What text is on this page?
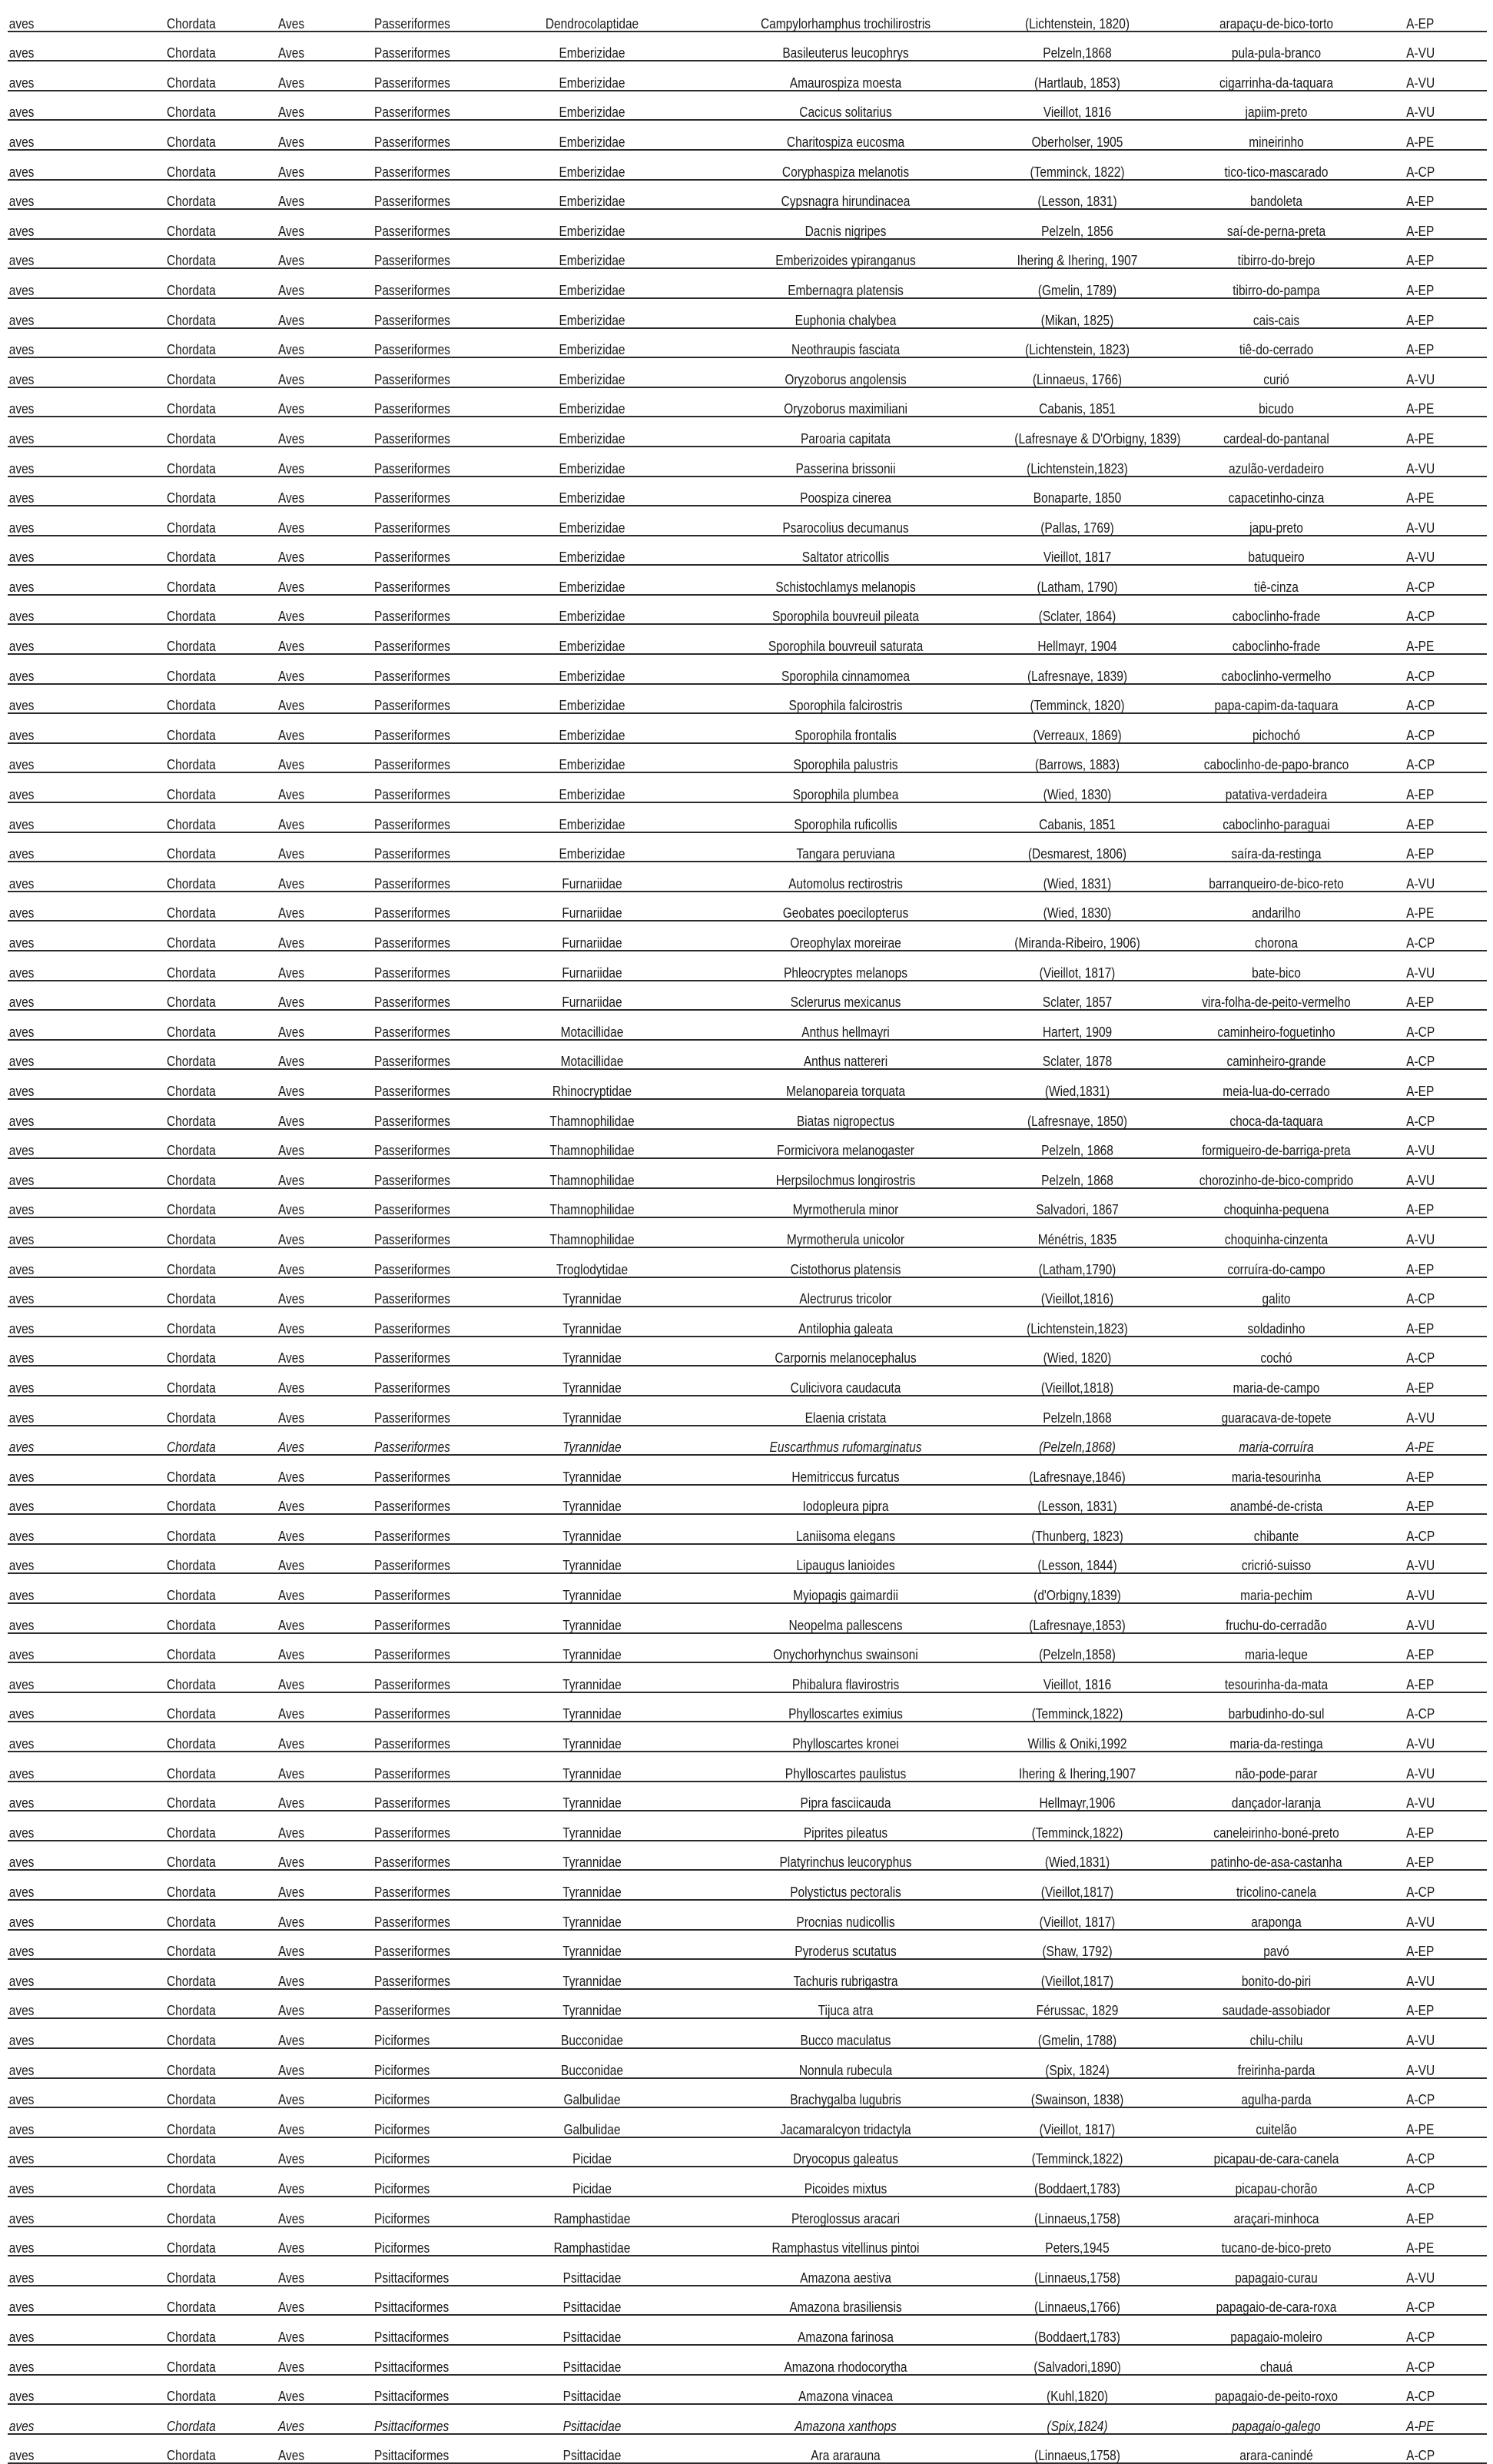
aves	Chordata	Aves	Passeriformes	Dendrocolaptidae	Campylorhamphus trochilirostris	(Lichtenstein, 1820)	arapaçu-de-bico-torto	A-EP
aves	Chordata	Aves	Passeriformes	Emberizidae	Basileuterus leucophrys	Pelzeln,1868	pula-pula-branco	A-VU
aves	Chordata	Aves	Passeriformes	Emberizidae	Amaurospiza moesta	(Hartlaub, 1853)	cigarrinha-da-taquara	A-VU
aves	Chordata	Aves	Passeriformes	Emberizidae	Cacicus solitarius	Vieillot, 1816	japiim-preto	A-VU
aves	Chordata	Aves	Passeriformes	Emberizidae	Charitospiza eucosma	Oberholser, 1905	mineirinho	A-PE
aves	Chordata	Aves	Passeriformes	Emberizidae	Coryphaspiza melanotis	(Temminck, 1822)	tico-tico-mascarado	A-CP
aves	Chordata	Aves	Passeriformes	Emberizidae	Cypsnagra hirundinacea	(Lesson, 1831)	bandoleta	A-EP
aves	Chordata	Aves	Passeriformes	Emberizidae	Dacnis nigripes	Pelzeln, 1856	saí-de-perna-preta	A-EP
aves	Chordata	Aves	Passeriformes	Emberizidae	Emberizoides ypiranganus	Ihering & Ihering, 1907	tibirro-do-brejo	A-EP
aves	Chordata	Aves	Passeriformes	Emberizidae	Embernagra platensis	(Gmelin, 1789)	tibirro-do-pampa	A-EP
aves	Chordata	Aves	Passeriformes	Emberizidae	Euphonia chalybea	(Mikan, 1825)	cais-cais	A-EP
aves	Chordata	Aves	Passeriformes	Emberizidae	Neothraupis fasciata	(Lichtenstein, 1823)	tiê-do-cerrado	A-EP
aves	Chordata	Aves	Passeriformes	Emberizidae	Oryzoborus angolensis	(Linnaeus, 1766)	curió	A-VU
aves	Chordata	Aves	Passeriformes	Emberizidae	Oryzoborus maximiliani	Cabanis, 1851	bicudo	A-PE
aves	Chordata	Aves	Passeriformes	Emberizidae	Paroaria capitata	(Lafresnaye & D'Orbigny, 1839)	cardeal-do-pantanal	A-PE
aves	Chordata	Aves	Passeriformes	Emberizidae	Passerina brissonii	(Lichtenstein,1823)	azulão-verdadeiro	A-VU
aves	Chordata	Aves	Passeriformes	Emberizidae	Poospiza cinerea	Bonaparte, 1850	capacetinho-cinza	A-PE
aves	Chordata	Aves	Passeriformes	Emberizidae	Psarocolius decumanus	(Pallas, 1769)	japu-preto	A-VU
aves	Chordata	Aves	Passeriformes	Emberizidae	Saltator atricollis	Vieillot, 1817	batuqueiro	A-VU
aves	Chordata	Aves	Passeriformes	Emberizidae	Schistochlamys melanopis	(Latham, 1790)	tiê-cinza	A-CP
aves	Chordata	Aves	Passeriformes	Emberizidae	Sporophila bouvreuil pileata	(Sclater, 1864)	caboclinho-frade	A-CP
aves	Chordata	Aves	Passeriformes	Emberizidae	Sporophila bouvreuil saturata	Hellmayr, 1904	caboclinho-frade	A-PE
aves	Chordata	Aves	Passeriformes	Emberizidae	Sporophila cinnamomea	(Lafresnaye, 1839)	caboclinho-vermelho	A-CP
aves	Chordata	Aves	Passeriformes	Emberizidae	Sporophila falcirostris	(Temminck, 1820)	papa-capim-da-taquara	A-CP
aves	Chordata	Aves	Passeriformes	Emberizidae	Sporophila frontalis	(Verreaux, 1869)	pichochó	A-CP
aves	Chordata	Aves	Passeriformes	Emberizidae	Sporophila palustris	(Barrows, 1883)	caboclinho-de-papo-branco	A-CP
aves	Chordata	Aves	Passeriformes	Emberizidae	Sporophila plumbea	(Wied, 1830)	patativa-verdadeira	A-EP
aves	Chordata	Aves	Passeriformes	Emberizidae	Sporophila ruficollis	Cabanis, 1851	caboclinho-paraguai	A-EP
aves	Chordata	Aves	Passeriformes	Emberizidae	Tangara peruviana	(Desmarest, 1806)	saíra-da-restinga	A-EP
aves	Chordata	Aves	Passeriformes	Furnariidae	Automolus rectirostris	(Wied, 1831)	barranqueiro-de-bico-reto	A-VU
aves	Chordata	Aves	Passeriformes	Furnariidae	Geobates poecilopterus	(Wied, 1830)	andarilho	A-PE
aves	Chordata	Aves	Passeriformes	Furnariidae	Oreophylax moreirae	(Miranda-Ribeiro, 1906)	chorona	A-CP
aves	Chordata	Aves	Passeriformes	Furnariidae	Phleocryptes melanops	(Vieillot, 1817)	bate-bico	A-VU
aves	Chordata	Aves	Passeriformes	Furnariidae	Sclerurus mexicanus	Sclater, 1857	vira-folha-de-peito-vermelho	A-EP
aves	Chordata	Aves	Passeriformes	Motacillidae	Anthus hellmayri	Hartert, 1909	caminheiro-foguetinho	A-CP
aves	Chordata	Aves	Passeriformes	Motacillidae	Anthus nattereri	Sclater, 1878	caminheiro-grande	A-CP
aves	Chordata	Aves	Passeriformes	Rhinocryptidae	Melanopareia torquata	(Wied,1831)	meia-lua-do-cerrado	A-EP
aves	Chordata	Aves	Passeriformes	Thamnophilidae	Biatas nigropectus	(Lafresnaye, 1850)	choca-da-taquara	A-CP
aves	Chordata	Aves	Passeriformes	Thamnophilidae	Formicivora melanogaster	Pelzeln, 1868	formigueiro-de-barriga-preta	A-VU
aves	Chordata	Aves	Passeriformes	Thamnophilidae	Herpsilochmus longirostris	Pelzeln, 1868	chorozinho-de-bico-comprido	A-VU
aves	Chordata	Aves	Passeriformes	Thamnophilidae	Myrmotherula minor	Salvadori, 1867	choquinha-pequena	A-EP
aves	Chordata	Aves	Passeriformes	Thamnophilidae	Myrmotherula unicolor	Ménétris, 1835	choquinha-cinzenta	A-VU
aves	Chordata	Aves	Passeriformes	Troglodytidae	Cistothorus platensis	(Latham,1790)	corruíra-do-campo	A-EP
aves	Chordata	Aves	Passeriformes	Tyrannidae	Alectrurus tricolor	(Vieillot,1816)	galito	A-CP
aves	Chordata	Aves	Passeriformes	Tyrannidae	Antilophia galeata	(Lichtenstein,1823)	soldadinho	A-EP
aves	Chordata	Aves	Passeriformes	Tyrannidae	Carpornis melanocephalus	(Wied, 1820)	cochó	A-CP
aves	Chordata	Aves	Passeriformes	Tyrannidae	Culicivora caudacuta	(Vieillot,1818)	maria-de-campo	A-EP
aves	Chordata	Aves	Passeriformes	Tyrannidae	Elaenia cristata	Pelzeln,1868	guaracava-de-topete	A-VU
aves	Chordata	Aves	Passeriformes	Tyrannidae	Euscarthmus rufomarginatus	(Pelzeln,1868)	maria-corruíra	A-PE
aves	Chordata	Aves	Passeriformes	Tyrannidae	Hemitriccus furcatus	(Lafresnaye,1846)	maria-tesourinha	A-EP
aves	Chordata	Aves	Passeriformes	Tyrannidae	Iodopleura pipra	(Lesson, 1831)	anambé-de-crista	A-EP
aves	Chordata	Aves	Passeriformes	Tyrannidae	Laniisoma elegans	(Thunberg, 1823)	chibante	A-CP
aves	Chordata	Aves	Passeriformes	Tyrannidae	Lipaugus lanioides	(Lesson, 1844)	cricrió-suisso	A-VU
aves	Chordata	Aves	Passeriformes	Tyrannidae	Myiopagis gaimardii	(d'Orbigny,1839)	maria-pechim	A-VU
aves	Chordata	Aves	Passeriformes	Tyrannidae	Neopelma pallescens	(Lafresnaye,1853)	fruchu-do-cerradão	A-VU
aves	Chordata	Aves	Passeriformes	Tyrannidae	Onychorhynchus swainsoni	(Pelzeln,1858)	maria-leque	A-EP
aves	Chordata	Aves	Passeriformes	Tyrannidae	Phibalura flavirostris	Vieillot, 1816	tesourinha-da-mata	A-EP
aves	Chordata	Aves	Passeriformes	Tyrannidae	Phylloscartes eximius	(Temminck,1822)	barbudinho-do-sul	A-CP
aves	Chordata	Aves	Passeriformes	Tyrannidae	Phylloscartes kronei	Willis & Oniki,1992	maria-da-restinga	A-VU
aves	Chordata	Aves	Passeriformes	Tyrannidae	Phylloscartes paulistus	Ihering & Ihering,1907	não-pode-parar	A-VU
aves	Chordata	Aves	Passeriformes	Tyrannidae	Pipra fasciicauda	Hellmayr,1906	dançador-laranja	A-VU
aves	Chordata	Aves	Passeriformes	Tyrannidae	Piprites pileatus	(Temminck,1822)	caneleirinho-boné-preto	A-EP
aves	Chordata	Aves	Passeriformes	Tyrannidae	Platyrinchus leucoryphus	(Wied,1831)	patinho-de-asa-castanha	A-EP
aves	Chordata	Aves	Passeriformes	Tyrannidae	Polystictus pectoralis	(Vieillot,1817)	tricolino-canela	A-CP
aves	Chordata	Aves	Passeriformes	Tyrannidae	Procnias nudicollis	(Vieillot, 1817)	araponga	A-VU
aves	Chordata	Aves	Passeriformes	Tyrannidae	Pyroderus scutatus	(Shaw, 1792)	pavó	A-EP
aves	Chordata	Aves	Passeriformes	Tyrannidae	Tachuris rubrigastra	(Vieillot,1817)	bonito-do-piri	A-VU
aves	Chordata	Aves	Passeriformes	Tyrannidae	Tijuca atra	Férussac, 1829	saudade-assobiador	A-EP
aves	Chordata	Aves	Piciformes	Bucconidae	Bucco maculatus	(Gmelin, 1788)	chilu-chilu	A-VU
aves	Chordata	Aves	Piciformes	Bucconidae	Nonnula rubecula	(Spix, 1824)	freirinha-parda	A-VU
aves	Chordata	Aves	Piciformes	Galbulidae	Brachygalba lugubris	(Swainson, 1838)	agulha-parda	A-CP
aves	Chordata	Aves	Piciformes	Galbulidae	Jacamaralcyon tridactyla	(Vieillot, 1817)	cuitelão	A-PE
aves	Chordata	Aves	Piciformes	Picidae	Dryocopus galeatus	(Temminck,1822)	picapau-de-cara-canela	A-CP
aves	Chordata	Aves	Piciformes	Picidae	Picoides mixtus	(Boddaert,1783)	picapau-chorão	A-CP
aves	Chordata	Aves	Piciformes	Ramphastidae	Pteroglossus aracari	(Linnaeus,1758)	araçari-minhoca	A-EP
aves	Chordata	Aves	Piciformes	Ramphastidae	Ramphastus vitellinus pintoi	Peters,1945	tucano-de-bico-preto	A-PE
aves	Chordata	Aves	Psittaciformes	Psittacidae	Amazona aestiva	(Linnaeus,1758)	papagaio-curau	A-VU
aves	Chordata	Aves	Psittaciformes	Psittacidae	Amazona brasiliensis	(Linnaeus,1766)	papagaio-de-cara-roxa	A-CP
aves	Chordata	Aves	Psittaciformes	Psittacidae	Amazona farinosa	(Boddaert,1783)	papagaio-moleiro	A-CP
aves	Chordata	Aves	Psittaciformes	Psittacidae	Amazona rhodocorytha	(Salvadori,1890)	chauá	A-CP
aves	Chordata	Aves	Psittaciformes	Psittacidae	Amazona vinacea	(Kuhl,1820)	papagaio-de-peito-roxo	A-CP
aves	Chordata	Aves	Psittaciformes	Psittacidae	Amazona xanthops	(Spix,1824)	papagaio-galego	A-PE
aves	Chordata	Aves	Psittaciformes	Psittacidae	Ara ararauna	(Linnaeus,1758)	arara-canindé	A-CP
